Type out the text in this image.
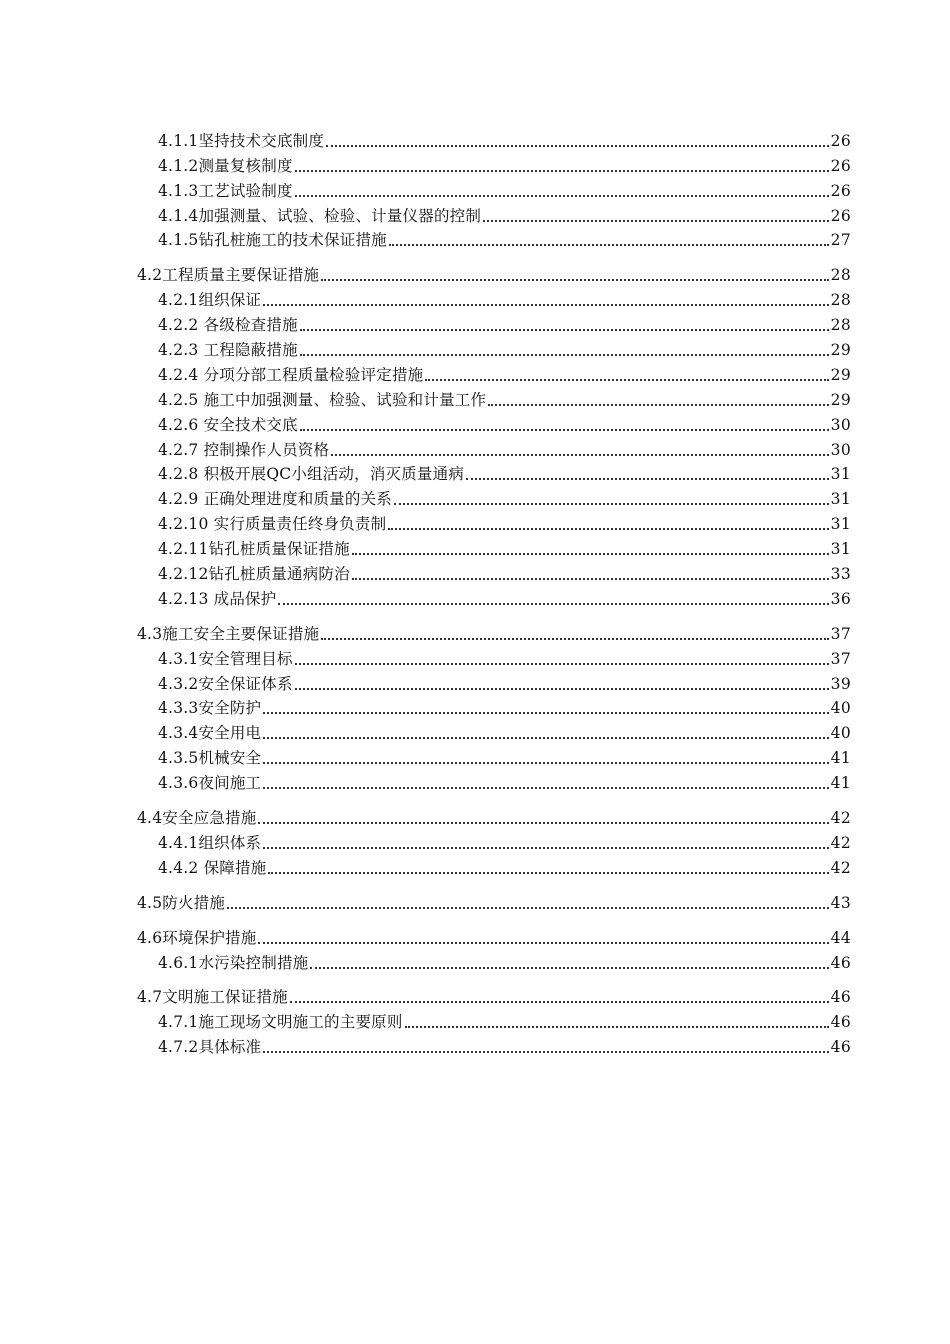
4.1.1坚持技术交底制度	26
4.1.2测量复核制度	26
4.1.3工艺试验制度	26
4.1.4加强测量、试验、检验、计量仪器的控制	26
4.1.5钻孔桩施工的技术保证措施	27
4.2工程质量主要保证措施	28
4.2.1组织保证	28
4.2.2 各级检查措施	28
4.2.3 工程隐蔽措施	29
4.2.4 分项分部工程质量检验评定措施	29
4.2.5 施工中加强测量、检验、试验和计量工作	29
4.2.6 安全技术交底	30
4.2.7 控制操作人员资格	30
4.2.8 积极开展QC小组活动，消灭质量通病	31
4.2.9 正确处理进度和质量的关系	31
4.2.10 实行质量责任终身负责制	31
4.2.11钻孔桩质量保证措施	31
4.2.12钻孔桩质量通病防治	33
4.2.13 成品保护	36
4.3施工安全主要保证措施	37
4.3.1安全管理目标	37
4.3.2安全保证体系	39
4.3.3安全防护	40
4.3.4安全用电	40
4.3.5机械安全	41
4.3.6夜间施工	41
4.4安全应急措施	42
4.4.1组织体系	42
4.4.2 保障措施	42
4.5防火措施	43
4.6环境保护措施	44
4.6.1水污染控制措施	46
4.7文明施工保证措施	46
4.7.1施工现场文明施工的主要原则	46
4.7.2具体标准	46
